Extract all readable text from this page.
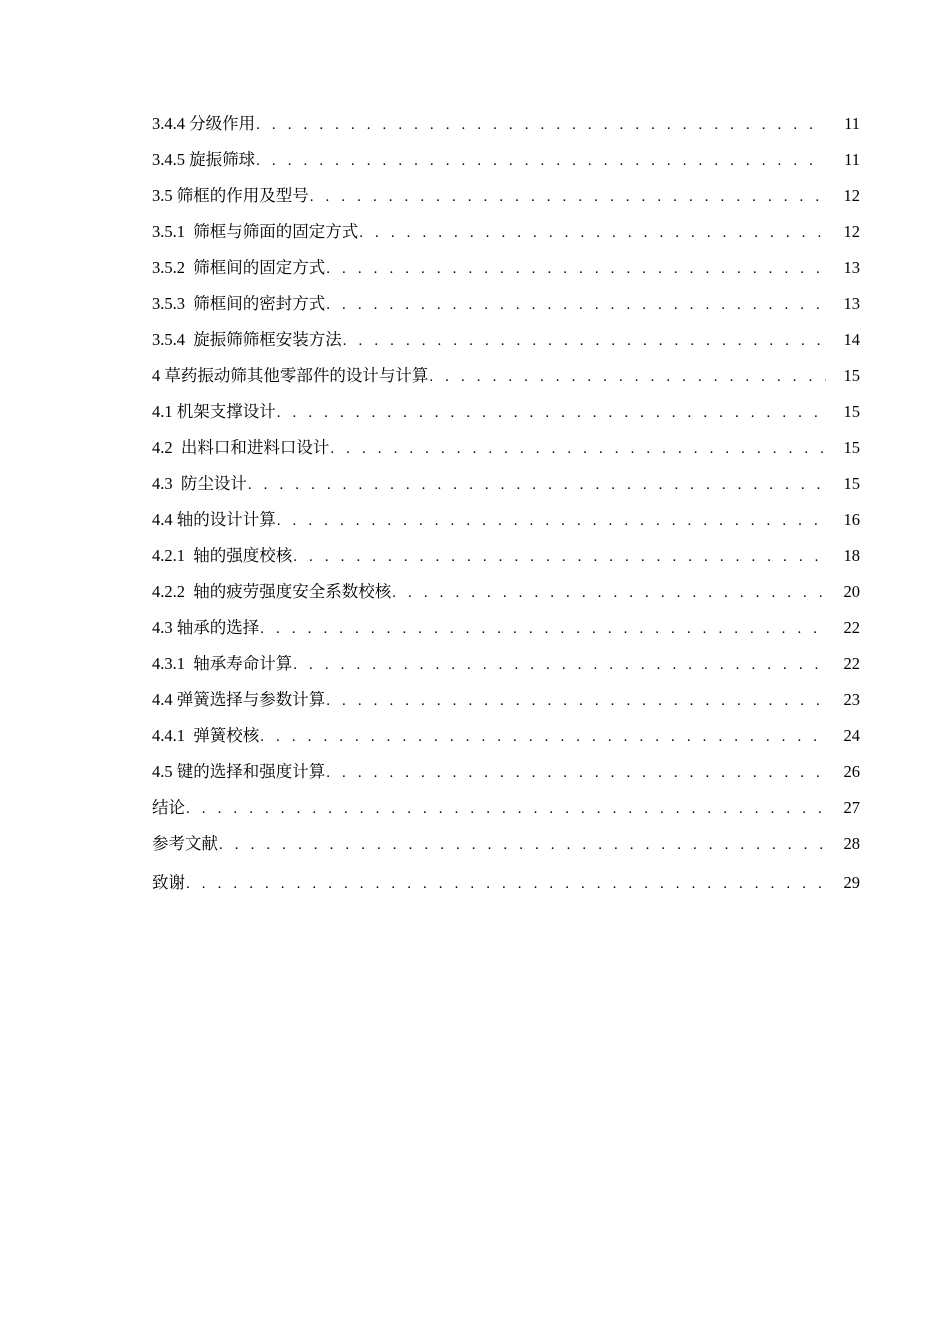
3.4.4 分级作用 . . .	11
3.4.5 旋振筛球 . . .	11
3.5 筛框的作用及型号 . . .	12
3.5.1  筛框与筛面的固定方式 . . .	12
3.5.2  筛框间的固定方式 . . .	13
3.5.3  筛框间的密封方式 . . .	13
3.5.4  旋振筛筛框安装方法 . . .	14
4 草药振动筛其他零部件的设计与计算 . . .	15
4.1 机架支撑设计 . . .	15
4.2  出料口和进料口设计 . . .	15
4.3  防尘设计 . . .	15
4.4 轴的设计计算 . . .	16
4.2.1  轴的强度校核 . . .	18
4.2.2  轴的疲劳强度安全系数校核 . . .	20
4.3 轴承的选择 . . .	22
4.3.1  轴承寿命计算 . . .	22
4.4 弹簧选择与参数计算 . . .	23
4.4.1  弹簧校核 . . .	24
4.5 键的选择和强度计算 . . .	26
结论 . . .	27
参考文献 . . .	28
致谢 . . .	29
